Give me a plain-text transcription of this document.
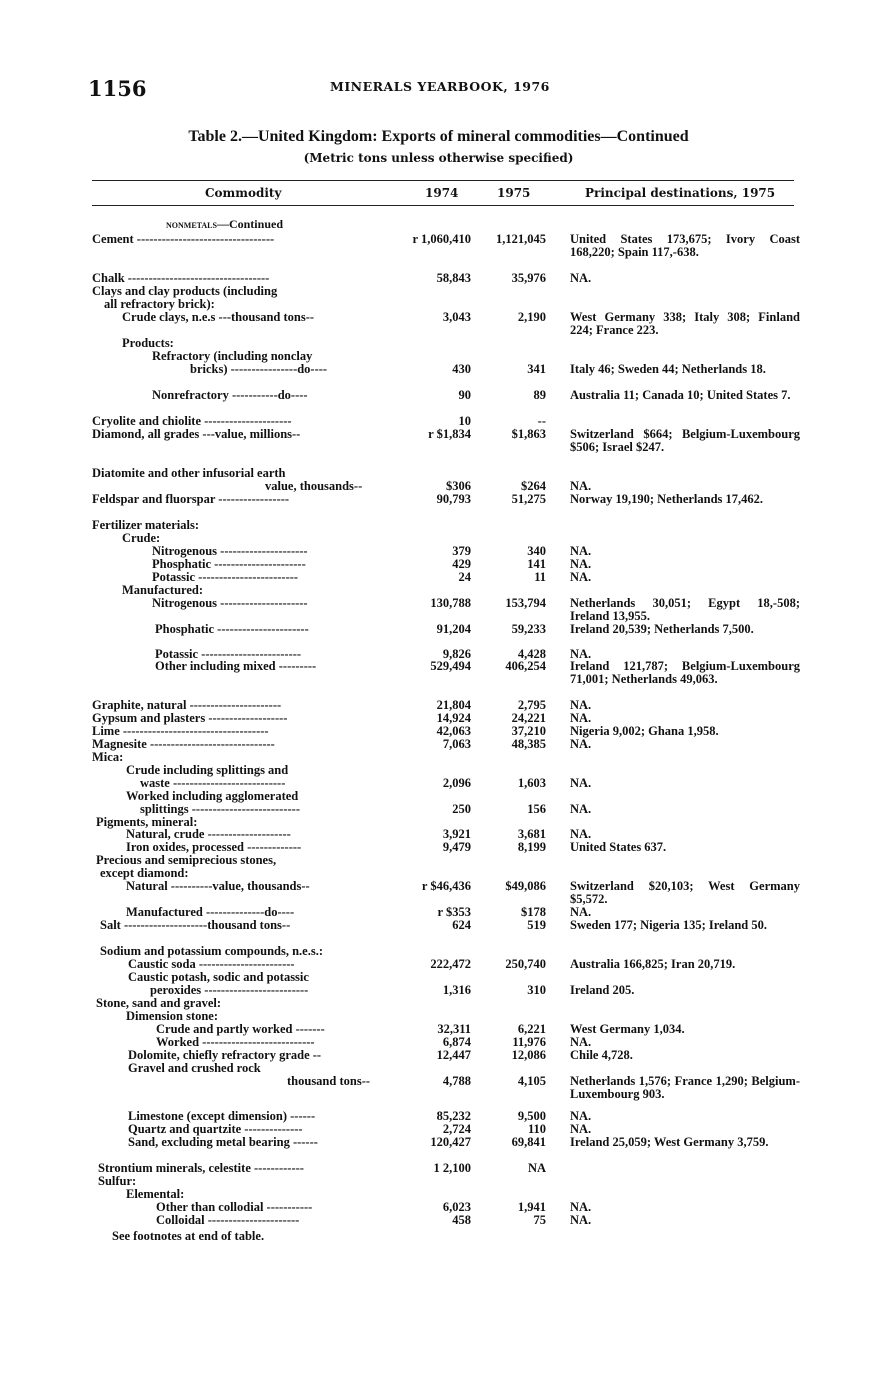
1156	MINERALS YEARBOOK, 1976
Table 2.—United Kingdom: Exports of mineral commodities—Continued
(Metric tons unless otherwise specified)
Commodity	1974	1975	Principal destinations, 1975
nonmetals—Continued
Cement ---------------------------------	r 1,060,410	1,121,045 United States 173,675; Ivory Coast 168,220; Spain 117,-638.
Chalk ----------------------------------	58,843	35,976 NA.
Clays and clay products (including
all refractory brick):
Crude clays, n.e.s ---thousand tons--	3,043	2,190 West Germany 338; Italy 308; Finland 224; France 223.
Products:
Refractory (including nonclay
bricks) ----------------do----	430	341 Italy 46; Sweden 44; Netherlands 18.
Nonrefractory -----------do----	90	89 Australia 11; Canada 10; United States 7.
Cryolite and chiolite ---------------------	10	--
Diamond, all grades ---value, millions--	r $1,834	$1,863 Switzerland $664; Belgium-Luxembourg $506; Israel $247.
Diatomite and other infusorial earth
value, thousands--	$306	$264 NA.
Feldspar and fluorspar -----------------	90,793	51,275 Norway 19,190; Netherlands 17,462.
Fertilizer materials:
Crude:
Nitrogenous ---------------------	379	340 NA.
Phosphatic ----------------------	429	141 NA.
Potassic ------------------------	24	11 NA.
Manufactured:
Nitrogenous ---------------------	130,788	153,794 Netherlands 30,051; Egypt 18,-508; Ireland 13,955.
Phosphatic ----------------------	91,204	59,233 Ireland 20,539; Netherlands 7,500.
Potassic ------------------------	9,826	4,428 NA.
Other including mixed ---------	529,494	406,254 Ireland 121,787; Belgium-Luxembourg 71,001; Netherlands 49,063.
Graphite, natural ----------------------	21,804	2,795 NA.
Gypsum and plasters -------------------	14,924	24,221 NA.
Lime -----------------------------------	42,063	37,210 Nigeria 9,002; Ghana 1,958.
Magnesite ------------------------------	7,063	48,385 NA.
Mica:
Crude including splittings and
waste ---------------------------	2,096	1,603 NA.
Worked including agglomerated
splittings --------------------------	250	156 NA.
Pigments, mineral:
Natural, crude --------------------	3,921	3,681 NA.
Iron oxides, processed -------------	9,479	8,199 United States 637.
Precious and semiprecious stones,
except diamond:
Natural ----------value, thousands--	r $46,436	$49,086 Switzerland $20,103; West Germany $5,572.
Manufactured --------------do----	r $353	$178 NA.
Salt --------------------thousand tons--	624	519 Sweden 177; Nigeria 135; Ireland 50.
Sodium and potassium compounds, n.e.s.:
Caustic soda -----------------------	222,472	250,740 Australia 166,825; Iran 20,719.
Caustic potash, sodic and potassic
peroxides -------------------------	1,316	310 Ireland 205.
Stone, sand and gravel:
Dimension stone:
Crude and partly worked -------	32,311	6,221 West Germany 1,034.
Worked ---------------------------	6,874	11,976 NA.
Dolomite, chiefly refractory grade --	12,447	12,086 Chile 4,728.
Gravel and crushed rock
thousand tons--	4,788	4,105 Netherlands 1,576; France 1,290; Belgium-Luxembourg 903.
Limestone (except dimension) ------	85,232	9,500 NA.
Quartz and quartzite --------------	2,724	110 NA.
Sand, excluding metal bearing ------	120,427	69,841 Ireland 25,059; West Germany 3,759.
Strontium minerals, celestite ------------	1 2,100	NA
Sulfur:
Elemental:
Other than collodial -----------	6,023	1,941 NA.
Colloidal ----------------------	458	75 NA.
See footnotes at end of table.
